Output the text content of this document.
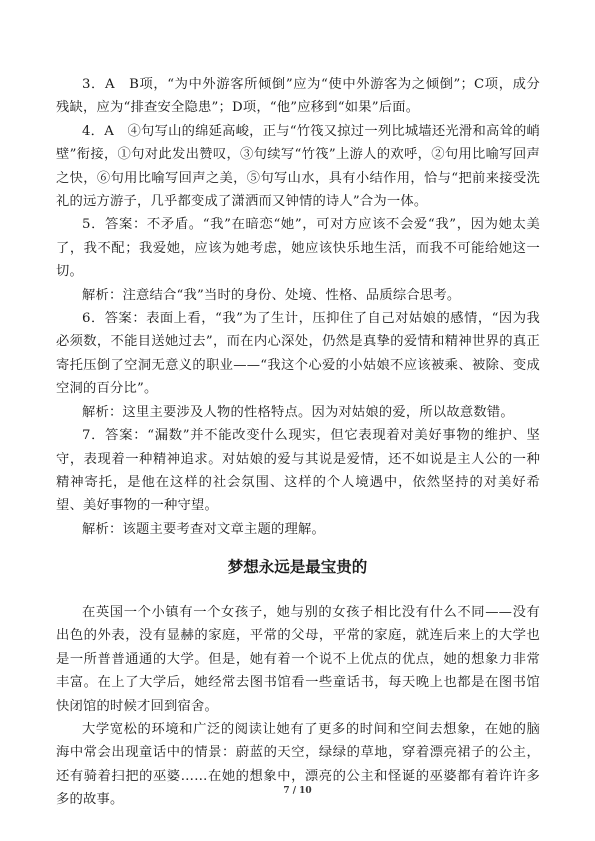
3．A　B项，“为中外游客所倾倒”应为“使中外游客为之倾倒”；C项，成分残缺，应为“排查安全隐患”；D项，“他”应移到“如果”后面。

4．A　④句写山的绵延高峻，正与“竹筏又掠过一列比城墙还光滑和高耸的峭壁”衔接，①句对此发出赞叹，③句续写“竹筏”上游人的欢呼，②句用比喻写回声之快，⑥句用比喻写回声之美，⑤句写山水，具有小结作用，恰与“把前来接受洗礼的远方游子，几乎都变成了潇洒而又钟情的诗人”合为一体。

5．答案：不矛盾。“我”在暗恋“她”，可对方应该不会爱“我”，因为她太美了，我不配；我爱她，应该为她考虑，她应该快乐地生活，而我不可能给她这一切。

解析：注意结合“我”当时的身份、处境、性格、品质综合思考。

6．答案：表面上看，“我”为了生计，压抑住了自己对姑娘的感情，“因为我必须数，不能目送她过去”，而在内心深处，仍然是真挚的爱情和精神世界的真正寄托压倒了空洞无意义的职业——“我这个心爱的小姑娘不应该被乘、被除、变成空洞的百分比”。

解析：这里主要涉及人物的性格特点。因为对姑娘的爱，所以故意数错。

7．答案：“漏数”并不能改变什么现实，但它表现着对美好事物的维护、坚守，表现着一种精神追求。对姑娘的爱与其说是爱情，还不如说是主人公的一种精神寄托，是他在这样的社会氛围、这样的个人境遇中，依然坚持的对美好希望、美好事物的一种守望。

解析：该题主要考查对文章主题的理解。

梦想永远是最宝贵的

在英国一个小镇有一个女孩子，她与别的女孩子相比没有什么不同——没有出色的外表，没有显赫的家庭，平常的父母，平常的家庭，就连后来上的大学也是一所普普通通的大学。但是，她有着一个说不上优点的优点，她的想象力非常丰富。在上了大学后，她经常去图书馆看一些童话书，每天晚上也都是在图书馆快闭馆的时候才回到宿舍。

大学宽松的环境和广泛的阅读让她有了更多的时间和空间去想象，在她的脑海中常会出现童话中的情景：蔚蓝的天空，绿绿的草地，穿着漂亮裙子的公主，还有骑着扫把的巫婆……在她的想象中，漂亮的公主和怪诞的巫婆都有着许许多多的故事。

7 / 10
